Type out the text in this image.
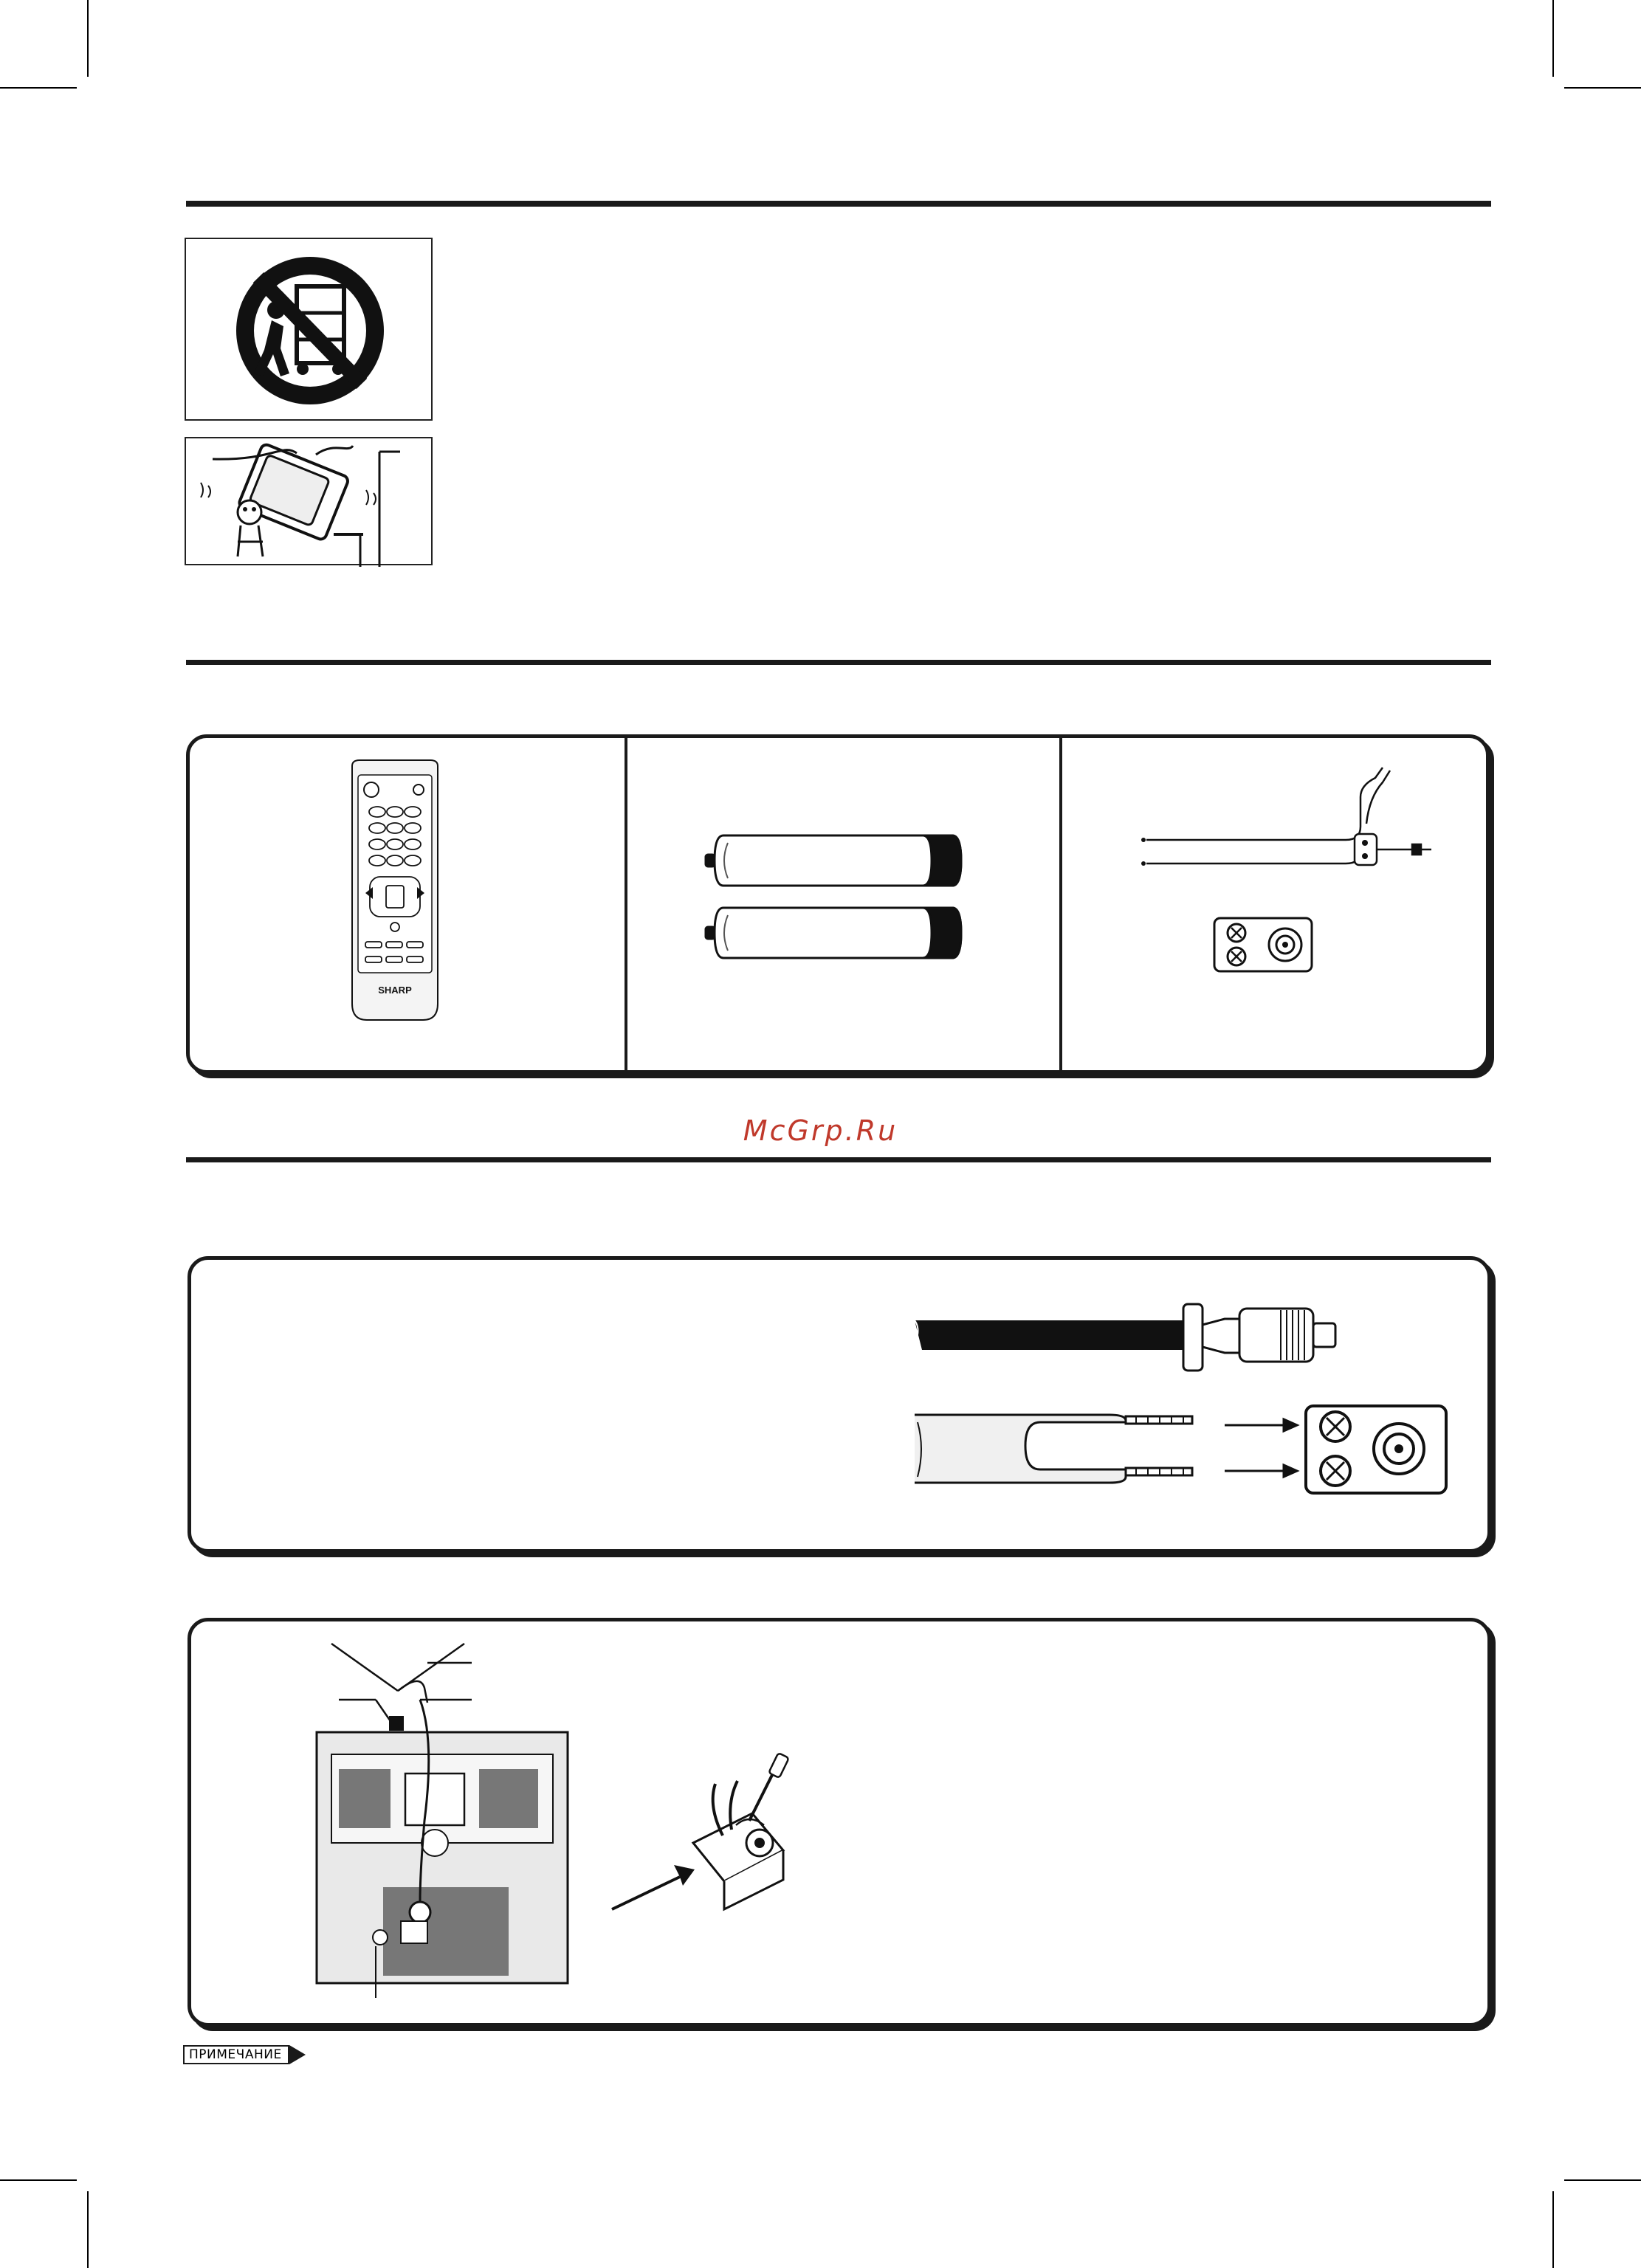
SHARP
McGrp.Ru
ПРИМЕЧАНИЕ
